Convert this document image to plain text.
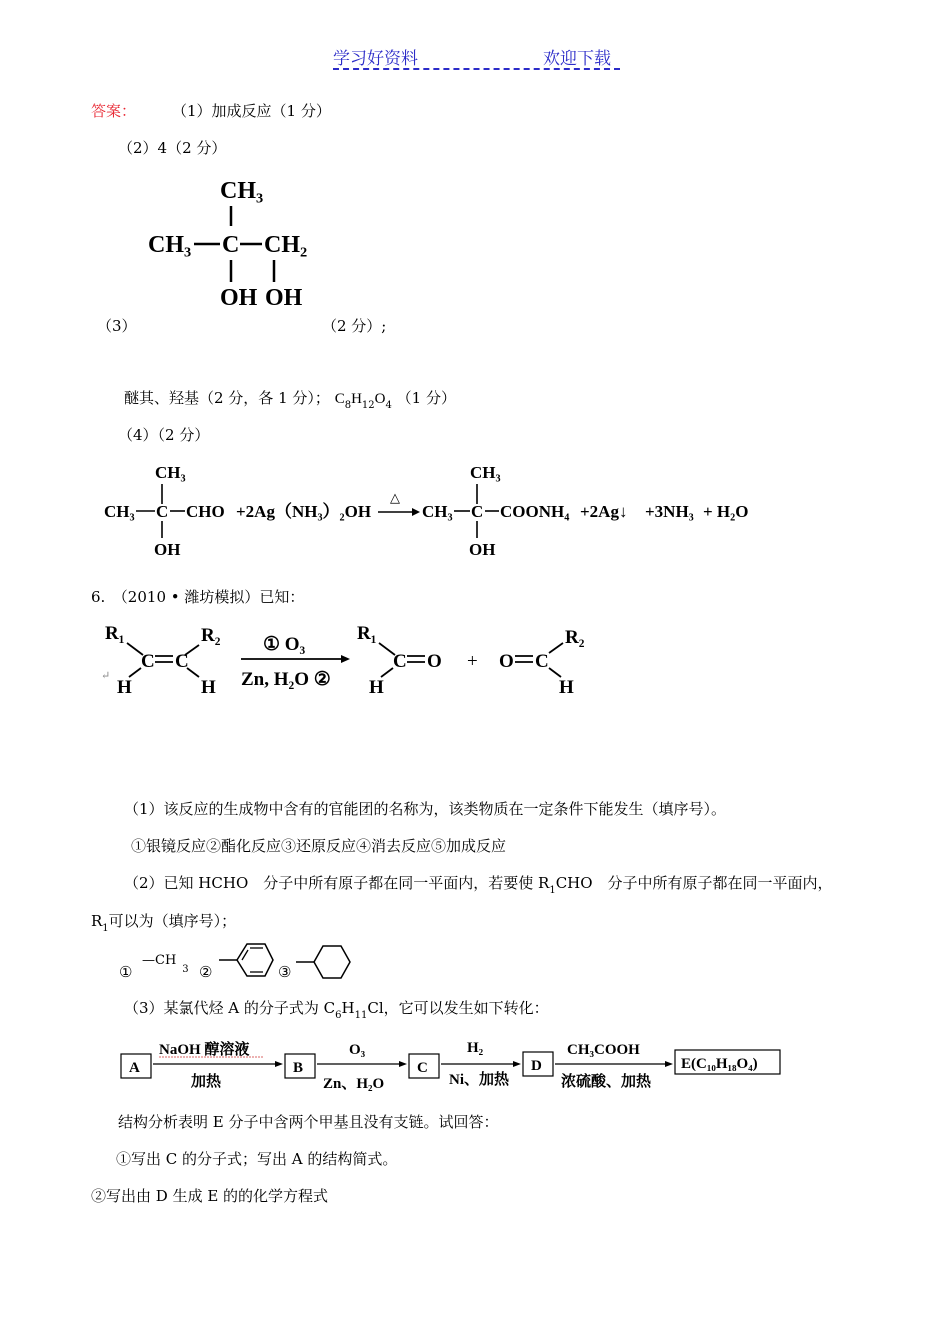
学习好资料	欢迎下载
答案： （1）加成反应（1 分）
（2）4（2 分）
CH₃
CH₃ C CH₂
OH OH
（3）	（2 分）;
醚其、羟基（2 分，各 1 分）； $C_8H_{12}O_4$ （1 分）
（4）（2 分）
CH₃
CH₃ C CHO
OH
+2Ag（NH₃）₂OH
△
CH₃
CH₃ C COONH₄
OH
+2Ag↓ +3NH₃ + H₂O
6.　（2010 • 潍坊模拟）已知：
R₁	R₂
C C
↵
H	H
① O₃
Zn, H₂O ②
R₁
C O
H
+ O C
R₂
H
（1）该反应的生成物中含有的官能团的名称为，该类物质在一定条件下能发生（填序号）。
①银镜反应②酯化反应③还原反应④消去反应⑤加成反应
（2）已知 HCHO　分子中所有原子都在同一平面内，若要使 $R_1CHO$　分子中所有原子都在同一平面内，
$R_1$可以为（填序号）；
①
$—CH_3$ ②	③
（3）某氯代烃 A 的分子式为 $C_6H_{11}Cl$，它可以发生如下转化：
A
NaOH 醇溶液
加热
B
O₃
Zn、H₂O
C
H₂
Ni、加热
D
CH₃COOH
浓硫酸、加热
E(C₁₀H₁₈O₄)
结构分析表明 E 分子中含两个甲基且没有支链。试回答：
①写出 C 的分子式；写出 A 的结构简式。
②写出由 D 生成 E 的的化学方程式
